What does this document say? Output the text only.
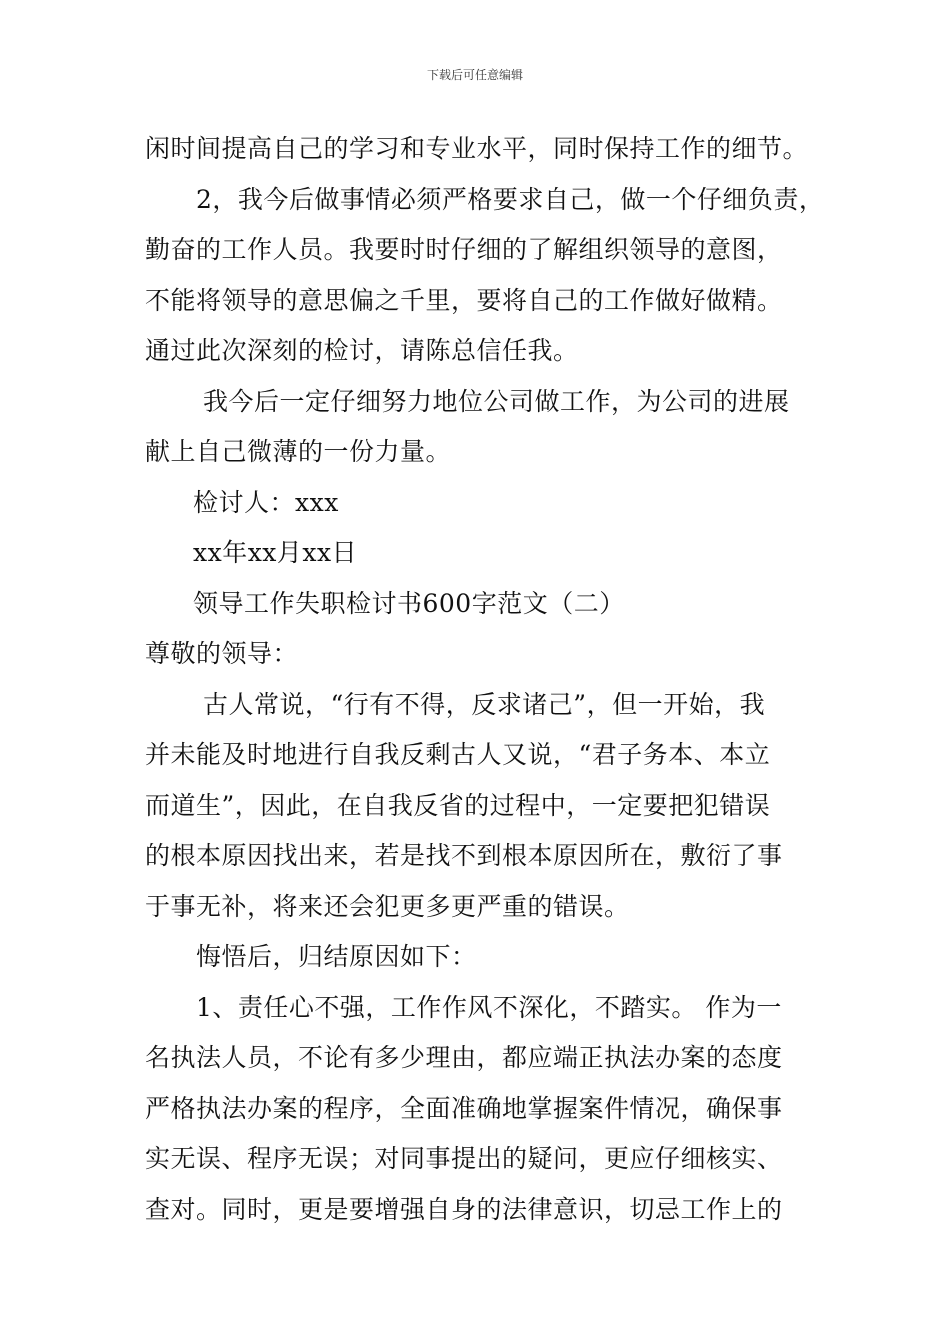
下载后可任意编辑
闲时间提高自己的学习和专业水平，同时保持工作的细节。
2，我今后做事情必须严格要求自己，做一个仔细负责，
勤奋的工作人员。我要时时仔细的了解组织领导的意图，
不能将领导的意思偏之千里，要将自己的工作做好做精。
通过此次深刻的检讨，请陈总信任我。
我今后一定仔细努力地位公司做工作，为公司的进展
献上自己微薄的一份力量。
检讨人：xxx
xx年xx月xx日
领导工作失职检讨书600字范文（二）
尊敬的领导：
古人常说，“行有不得，反求诸己”，但一开始，我
并未能及时地进行自我反剩古人又说，“君子务本、本立
而道生”，因此，在自我反省的过程中，一定要把犯错误
的根本原因找出来，若是找不到根本原因所在，敷衍了事
于事无补，将来还会犯更多更严重的错误。
悔悟后，归结原因如下：
1、责任心不强，工作作风不深化，不踏实。 作为一
名执法人员，不论有多少理由，都应端正执法办案的态度
严格执法办案的程序，全面准确地掌握案件情况，确保事
实无误、程序无误；对同事提出的疑问，更应仔细核实、
查对。同时，更是要增强自身的法律意识，切忌工作上的
